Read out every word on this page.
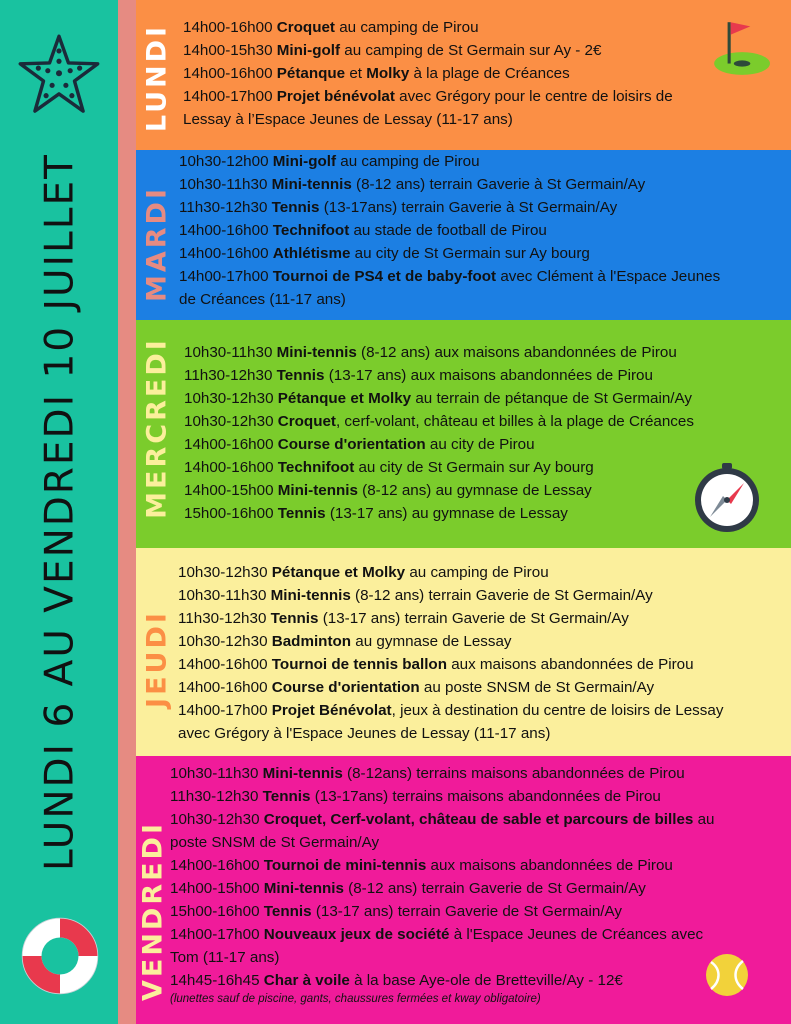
LUNDI 6 AU VENDREDI 10 JUILLET
LUNDI 14h00-16h00 Croquet au camping de Pirou
14h00-15h30 Mini-golf au camping de St Germain sur Ay - 2€
14h00-16h00 Pétanque et Molky à la plage de Créances
14h00-17h00 Projet bénévolat avec Grégory pour le centre de loisirs de
Lessay à l’Espace Jeunes de Lessay (11-17 ans)
MARDI
10h30-12h00 Mini-golf au camping de Pirou
10h30-11h30 Mini-tennis (8-12 ans) terrain Gaverie à St Germain/Ay
11h30-12h30 Tennis (13-17ans) terrain Gaverie à St Germain/Ay
14h00-16h00 Technifoot au stade de football de Pirou
14h00-16h00 Athlétisme au city de St Germain sur Ay bourg
14h00-17h00 Tournoi de PS4 et de baby-foot avec Clément à l'Espace Jeunes
de Créances (11-17 ans)
MERCREDI 10h30-11h30 Mini-tennis (8-12 ans) aux maisons abandonnées de Pirou
11h30-12h30 Tennis (13-17 ans) aux maisons abandonnées de Pirou
10h30-12h30 Pétanque et Molky au terrain de pétanque de St Germain/Ay
10h30-12h30 Croquet, cerf-volant, château et billes à la plage de Créances
14h00-16h00 Course d'orientation au city de Pirou
14h00-16h00 Technifoot au city de St Germain sur Ay bourg
14h00-15h00 Mini-tennis (8-12 ans) au gymnase de Lessay
15h00-16h00 Tennis (13-17 ans) au gymnase de Lessay
JEUDI
10h30-12h30 Pétanque et Molky au camping de Pirou
10h30-11h30 Mini-tennis (8-12 ans) terrain Gaverie de St Germain/Ay
11h30-12h30 Tennis (13-17 ans) terrain Gaverie de St Germain/Ay
10h30-12h30 Badminton au gymnase de Lessay
14h00-16h00 Tournoi de tennis ballon aux maisons abandonnées de Pirou
14h00-16h00 Course d'orientation au poste SNSM de St Germain/Ay
14h00-17h00 Projet Bénévolat, jeux à destination du centre de loisirs de Lessay
avec Grégory à l'Espace Jeunes de Lessay (11-17 ans)
VENDREDI
10h30-11h30 Mini-tennis (8-12ans) terrains maisons abandonnées de Pirou
11h30-12h30 Tennis (13-17ans) terrains maisons abandonnées de Pirou
10h30-12h30 Croquet, Cerf-volant, château de sable et parcours de billes au
poste SNSM de St Germain/Ay
14h00-16h00 Tournoi de mini-tennis aux maisons abandonnées de Pirou
14h00-15h00 Mini-tennis (8-12 ans) terrain Gaverie de St Germain/Ay
15h00-16h00 Tennis (13-17 ans) terrain Gaverie de St Germain/Ay
14h00-17h00 Nouveaux jeux de société à l'Espace Jeunes de Créances avec
Tom (11-17 ans)
14h45-16h45 Char à voile à la base Aye-ole de Bretteville/Ay - 12€
(lunettes sauf de piscine, gants, chaussures fermées et kway obligatoire)
